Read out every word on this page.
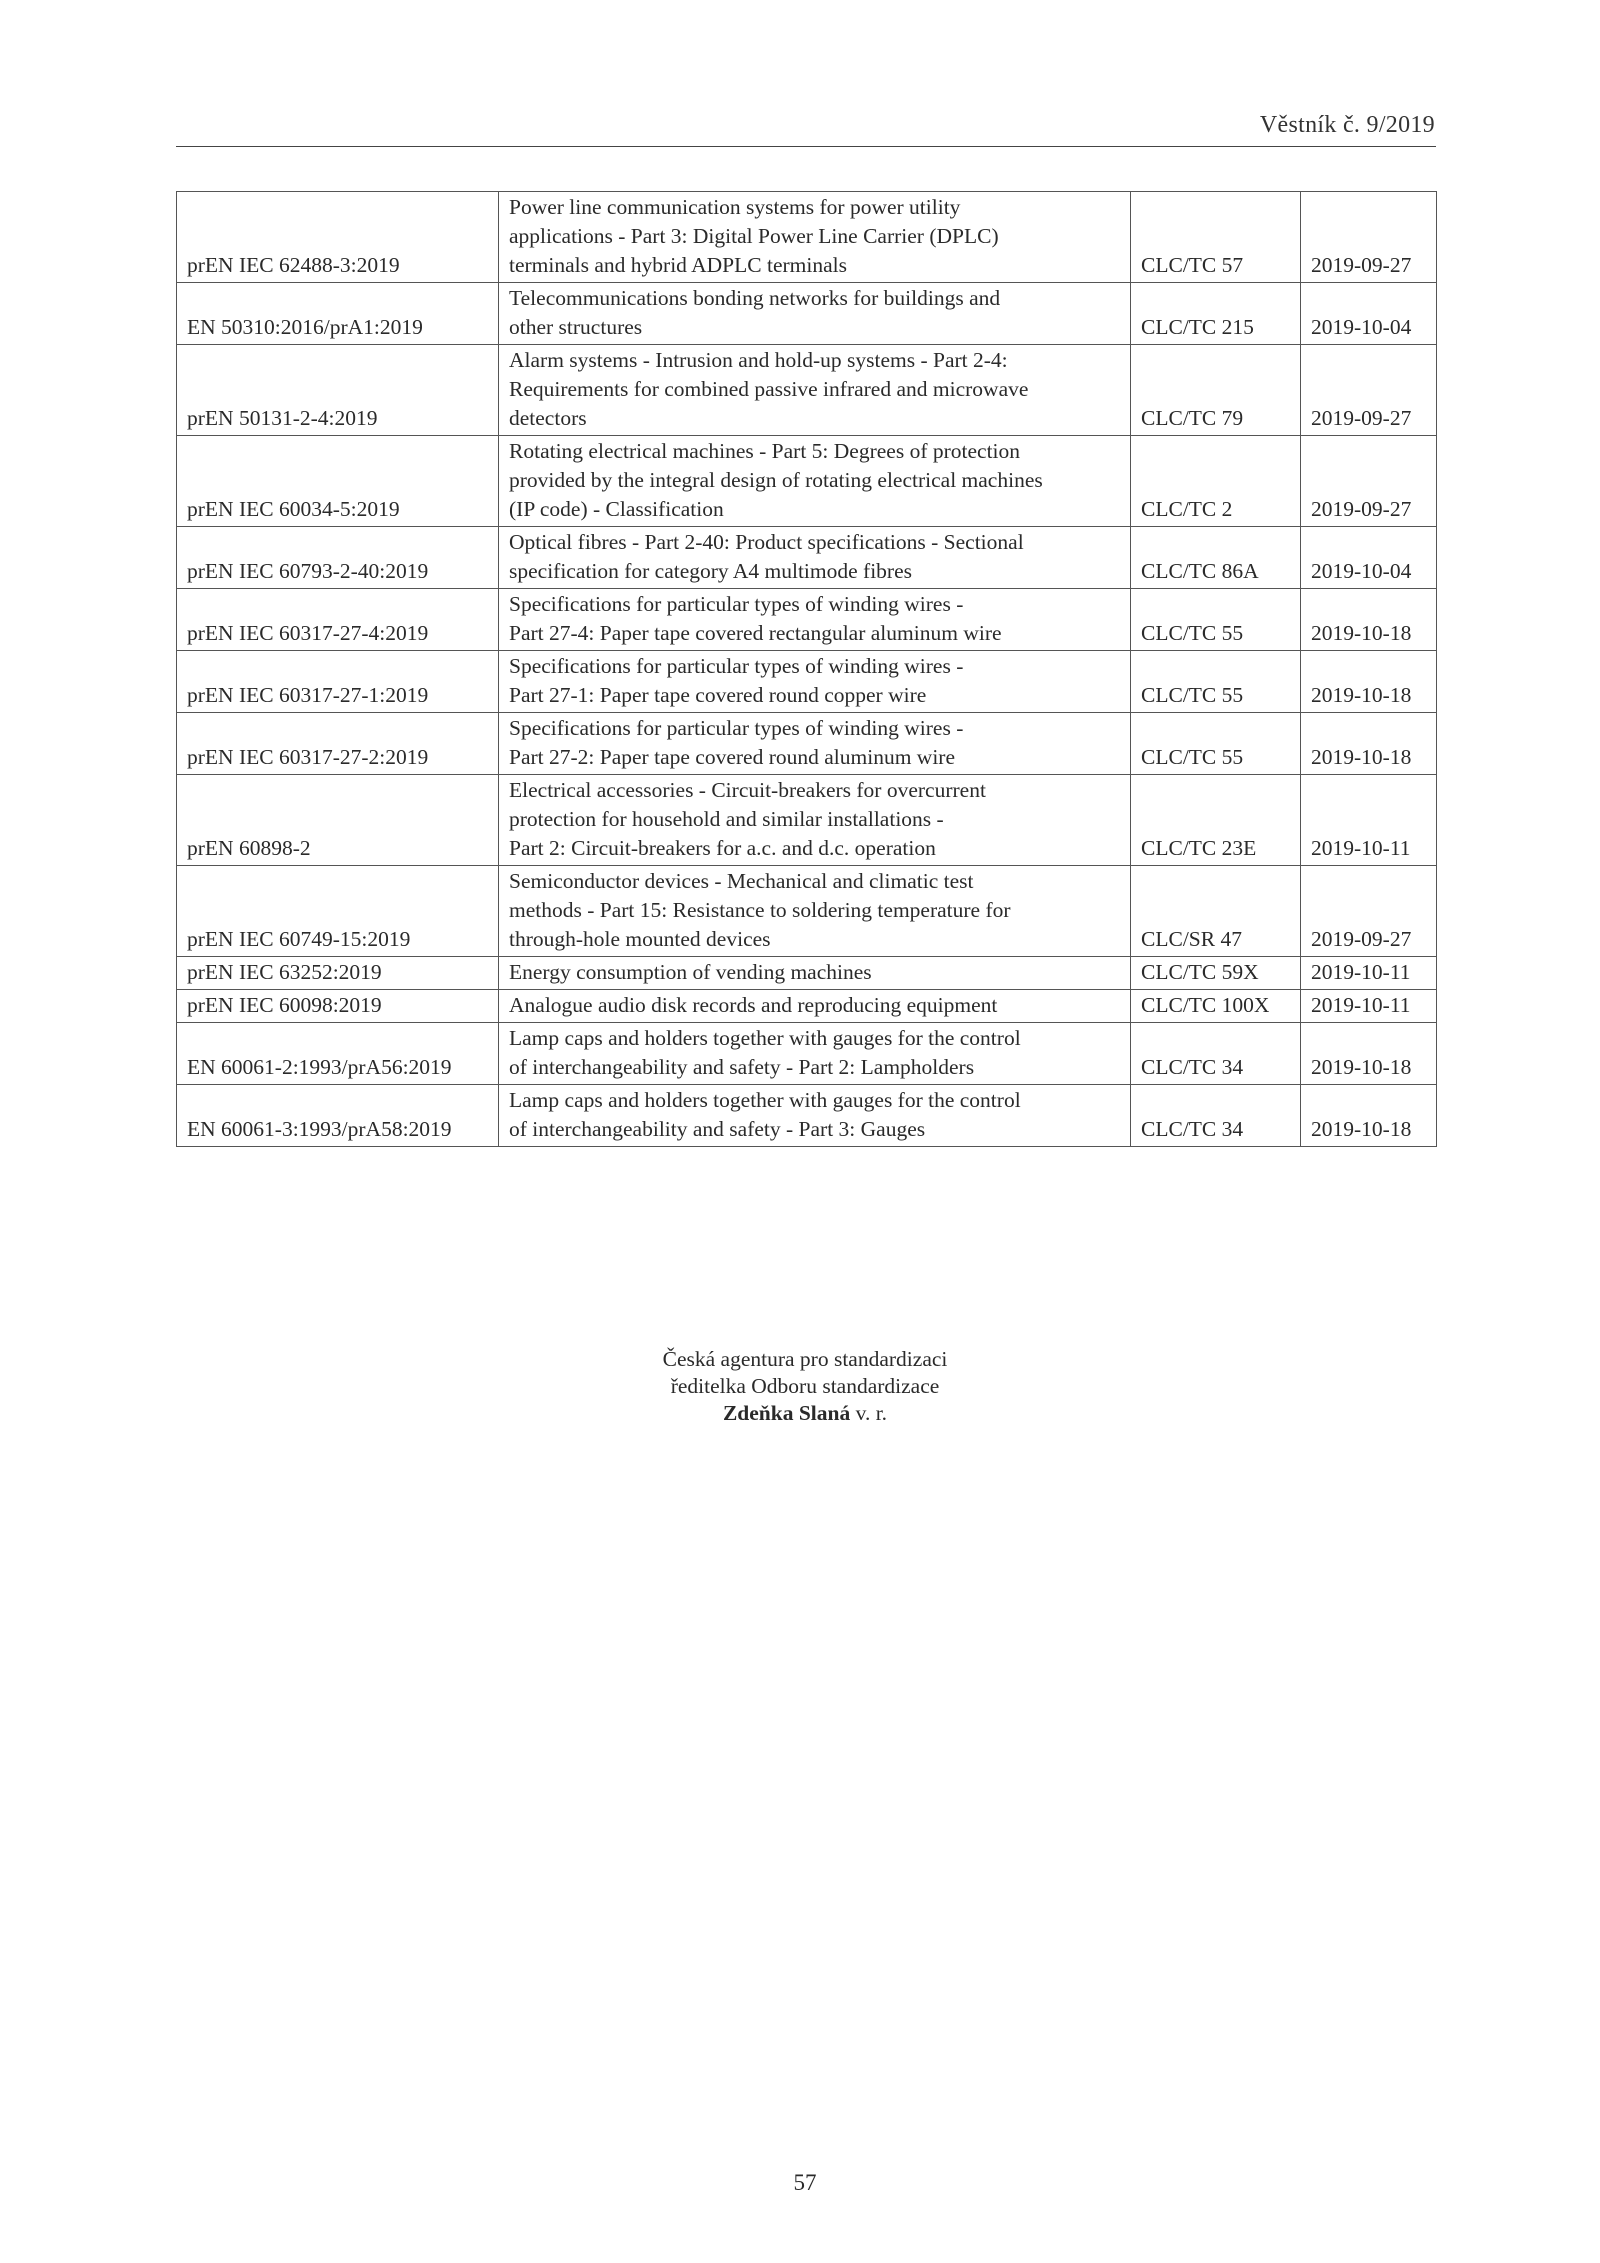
Věstník č. 9/2019
prEN IEC 62488-3:2019	Power line communication systems for power utility
applications - Part 3: Digital Power Line Carrier (DPLC)
terminals and hybrid ADPLC terminals	CLC/TC 57	2019-09-27
EN 50310:2016/prA1:2019	Telecommunications bonding networks for buildings and
other structures	CLC/TC 215	2019-10-04
prEN 50131-2-4:2019	Alarm systems - Intrusion and hold-up systems - Part 2-4:
Requirements for combined passive infrared and microwave
detectors	CLC/TC 79	2019-09-27
prEN IEC 60034-5:2019	Rotating electrical machines - Part 5: Degrees of protection
provided by the integral design of rotating electrical machines
(IP code) - Classification	CLC/TC 2	2019-09-27
prEN IEC 60793-2-40:2019	Optical fibres - Part 2-40: Product specifications - Sectional
specification for category A4 multimode fibres	CLC/TC 86A	2019-10-04
prEN IEC 60317-27-4:2019	Specifications for particular types of winding wires -
Part 27-4: Paper tape covered rectangular aluminum wire	CLC/TC 55	2019-10-18
prEN IEC 60317-27-1:2019	Specifications for particular types of winding wires -
Part 27-1: Paper tape covered round copper wire	CLC/TC 55	2019-10-18
prEN IEC 60317-27-2:2019	Specifications for particular types of winding wires -
Part 27-2: Paper tape covered round aluminum wire	CLC/TC 55	2019-10-18
prEN 60898-2	Electrical accessories - Circuit-breakers for overcurrent
protection for household and similar installations -
Part 2: Circuit-breakers for a.c. and d.c. operation	CLC/TC 23E	2019-10-11
prEN IEC 60749-15:2019	Semiconductor devices - Mechanical and climatic test
methods - Part 15: Resistance to soldering temperature for
through-hole mounted devices	CLC/SR 47	2019-09-27
prEN IEC 63252:2019	Energy consumption of vending machines	CLC/TC 59X	2019-10-11
prEN IEC 60098:2019	Analogue audio disk records and reproducing equipment	CLC/TC 100X	2019-10-11
EN 60061-2:1993/prA56:2019	Lamp caps and holders together with gauges for the control
of interchangeability and safety - Part 2: Lampholders	CLC/TC 34	2019-10-18
EN 60061-3:1993/prA58:2019	Lamp caps and holders together with gauges for the control
of interchangeability and safety - Part 3: Gauges	CLC/TC 34	2019-10-18
Česká agentura pro standardizaci
ředitelka Odboru standardizace
Zdeňka Slaná v. r.
57
